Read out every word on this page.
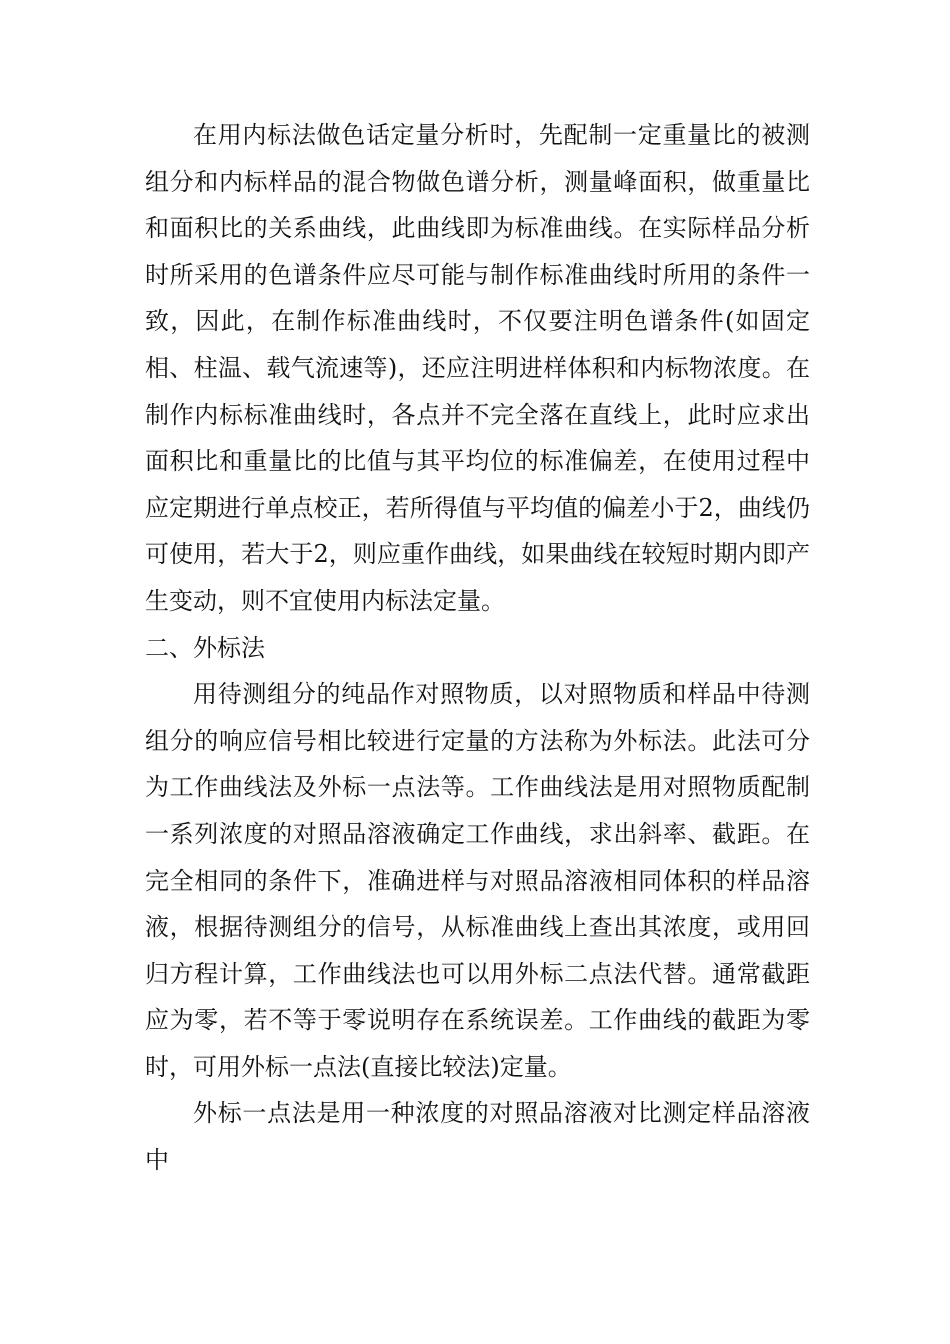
在用内标法做色话定量分析时，先配制一定重量比的被测组分和内标样品的混合物做色谱分析，测量峰面积，做重量比和面积比的关系曲线，此曲线即为标准曲线。在实际样品分析时所采用的色谱条件应尽可能与制作标准曲线时所用的条件一致，因此，在制作标准曲线时，不仅要注明色谱条件(如固定相、柱温、载气流速等)，还应注明进样体积和内标物浓度。在制作内标标准曲线时，各点并不完全落在直线上，此时应求出面积比和重量比的比值与其平均位的标准偏差，在使用过程中应定期进行单点校正，若所得值与平均值的偏差小于2，曲线仍可使用，若大于2，则应重作曲线，如果曲线在较短时期内即产生变动，则不宜使用内标法定量。

二、外标法

用待测组分的纯品作对照物质，以对照物质和样品中待测组分的响应信号相比较进行定量的方法称为外标法。此法可分为工作曲线法及外标一点法等。工作曲线法是用对照物质配制一系列浓度的对照品溶液确定工作曲线，求出斜率、截距。在完全相同的条件下，准确进样与对照品溶液相同体积的样品溶液，根据待测组分的信号，从标准曲线上查出其浓度，或用回归方程计算，工作曲线法也可以用外标二点法代替。通常截距应为零，若不等于零说明存在系统误差。工作曲线的截距为零时，可用外标一点法(直接比较法)定量。

外标一点法是用一种浓度的对照品溶液对比测定样品溶液中
